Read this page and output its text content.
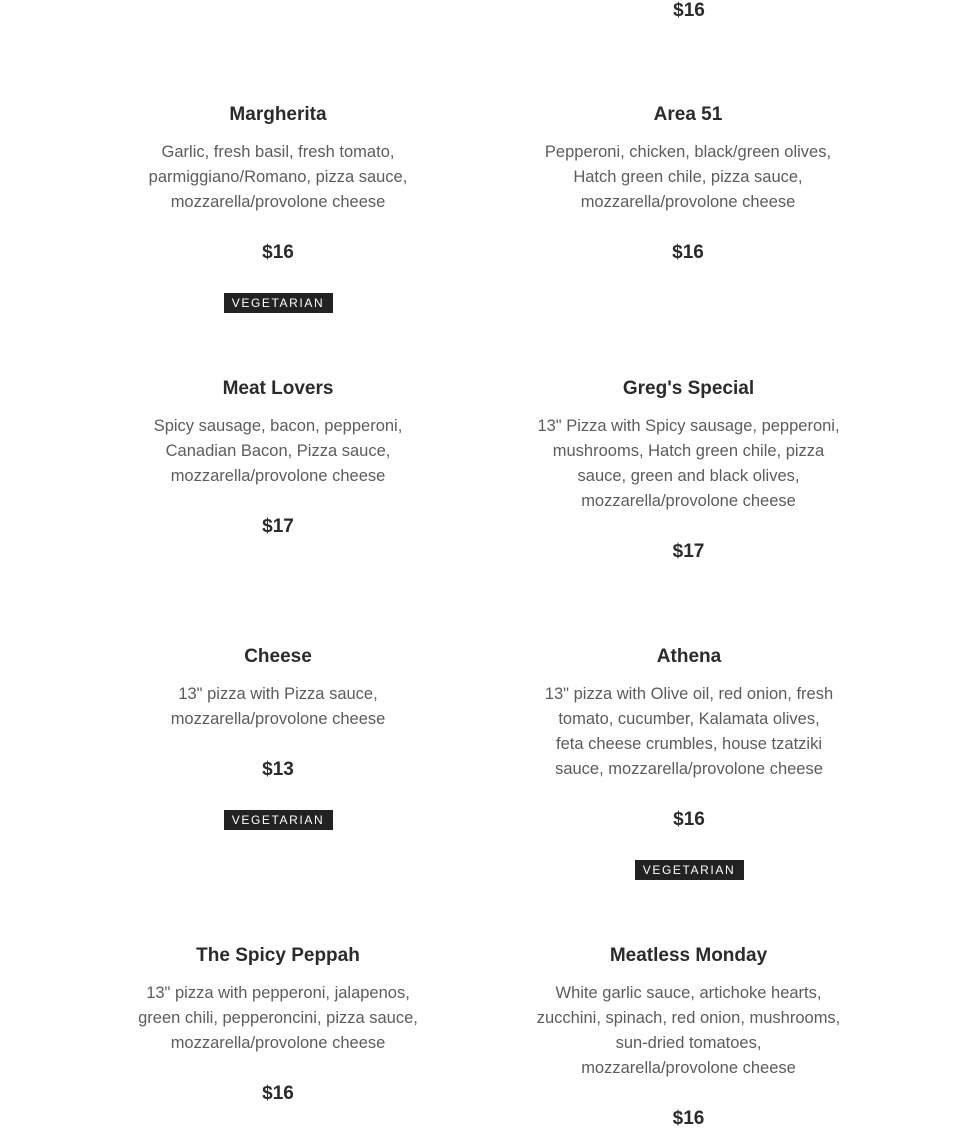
$16
Margherita
Garlic, fresh basil, fresh tomato, parmiggiano/Romano, pizza sauce, mozzarella/provolone cheese
$16
VEGETARIAN
Area 51
Pepperoni, chicken, black/green olives, Hatch green chile, pizza sauce, mozzarella/provolone cheese
$16
Meat Lovers
Spicy sausage, bacon, pepperoni, Canadian Bacon, Pizza sauce, mozzarella/provolone cheese
$17
Greg's Special
13" Pizza with Spicy sausage, pepperoni, mushrooms, Hatch green chile, pizza sauce, green and black olives, mozzarella/provolone cheese
$17
Cheese
13" pizza with Pizza sauce, mozzarella/provolone cheese
$13
VEGETARIAN
Athena
13" pizza with Olive oil, red onion, fresh tomato, cucumber, Kalamata olives, feta cheese crumbles, house tzatziki sauce, mozzarella/provolone cheese
$16
VEGETARIAN
The Spicy Peppah
13" pizza with pepperoni, jalapenos, green chili, pepperoncini, pizza sauce, mozzarella/provolone cheese
$16
Meatless Monday
White garlic sauce, artichoke hearts, zucchini, spinach, red onion, mushrooms, sun-dried tomatoes, mozzarella/provolone cheese
$16
